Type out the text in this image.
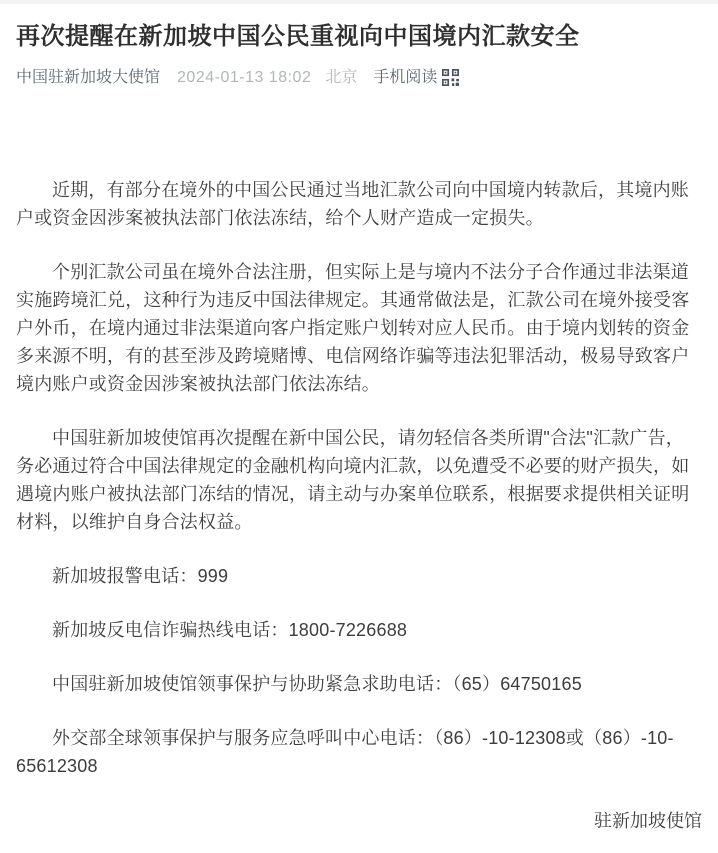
再次提醒在新加坡中国公民重视向中国境内汇款安全
中国驻新加坡大使馆 2024-01-13 18:02 北京 手机阅读

近期，有部分在境外的中国公民通过当地汇款公司向中国境内转款后，其境内账户或资金因涉案被执法部门依法冻结，给个人财产造成一定损失。

个别汇款公司虽在境外合法注册，但实际上是与境内不法分子合作通过非法渠道实施跨境汇兑，这种行为违反中国法律规定。其通常做法是，汇款公司在境外接受客户外币，在境内通过非法渠道向客户指定账户划转对应人民币。由于境内划转的资金多来源不明，有的甚至涉及跨境赌博、电信网络诈骗等违法犯罪活动，极易导致客户境内账户或资金因涉案被执法部门依法冻结。

中国驻新加坡使馆再次提醒在新中国公民，请勿轻信各类所谓"合法"汇款广告，务必通过符合中国法律规定的金融机构向境内汇款，以免遭受不必要的财产损失，如遇境内账户被执法部门冻结的情况，请主动与办案单位联系，根据要求提供相关证明材料，以维护自身合法权益。

新加坡报警电话：999

新加坡反电信诈骗热线电话：1800-7226688

中国驻新加坡使馆领事保护与协助紧急求助电话：（65）64750165

外交部全球领事保护与服务应急呼叫中心电话：（86）-10-12308或（86）-10-65612308

驻新加坡使馆
